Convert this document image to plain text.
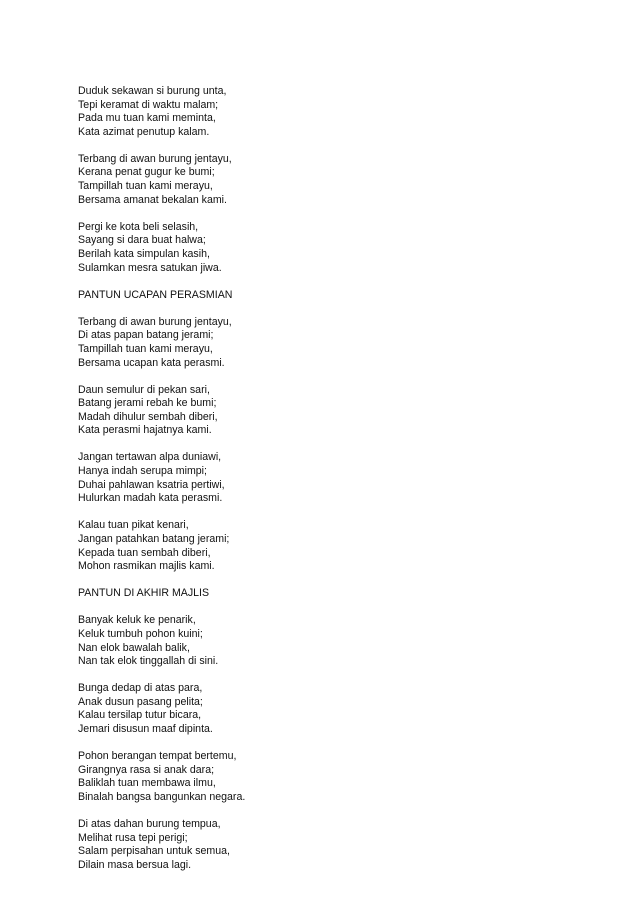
Duduk sekawan si burung unta,
Tepi keramat di waktu malam;
Pada mu tuan kami meminta,
Kata azimat penutup kalam.
Terbang di awan burung jentayu,
Kerana penat gugur ke bumi;
Tampillah tuan kami merayu,
Bersama amanat bekalan kami.
Pergi ke kota beli selasih,
Sayang si dara buat halwa;
Berilah kata simpulan kasih,
Sulamkan mesra satukan jiwa.
PANTUN UCAPAN PERASMIAN
Terbang di awan burung jentayu,
Di atas papan batang jerami;
Tampillah tuan kami merayu,
Bersama ucapan kata perasmi.
Daun semulur di pekan sari,
Batang jerami rebah ke bumi;
Madah dihulur sembah diberi,
Kata perasmi hajatnya kami.
Jangan tertawan alpa duniawi,
Hanya indah serupa mimpi;
Duhai pahlawan ksatria pertiwi,
Hulurkan madah kata perasmi.
Kalau tuan pikat kenari,
Jangan patahkan batang jerami;
Kepada tuan sembah diberi,
Mohon rasmikan majlis kami.
PANTUN DI AKHIR MAJLIS
Banyak keluk ke penarik,
Keluk tumbuh pohon kuini;
Nan elok bawalah balik,
Nan tak elok tinggallah di sini.
Bunga dedap di atas para,
Anak dusun pasang pelita;
Kalau tersilap tutur bicara,
Jemari disusun maaf dipinta.
Pohon berangan tempat bertemu,
Girangnya rasa si anak dara;
Baliklah tuan membawa ilmu,
Binalah bangsa bangunkan negara.
Di atas dahan burung tempua,
Melihat rusa tepi perigi;
Salam perpisahan untuk semua,
Dilain masa bersua lagi.
